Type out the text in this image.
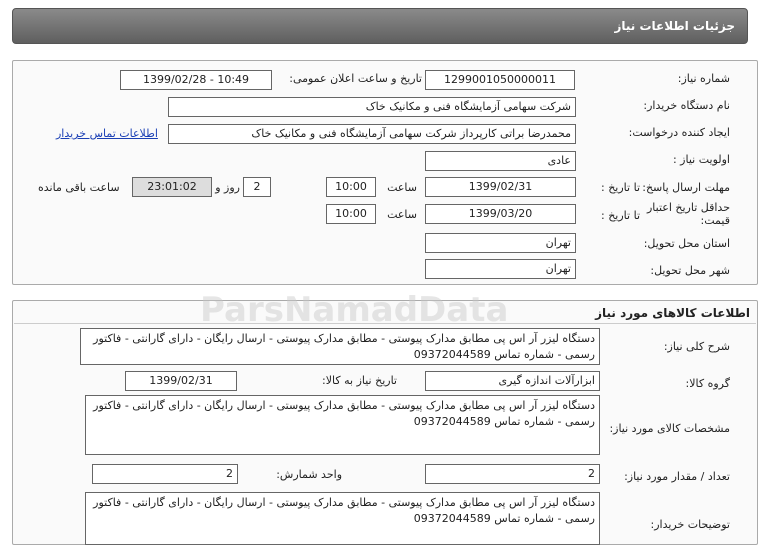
جزئیات اطلاعات نیاز
شماره نیاز:
1299001050000011
تاریخ و ساعت اعلان عمومی:
1399/02/28 - 10:49
نام دستگاه خریدار:
شرکت سهامی آزمایشگاه فنی و مکانیک خاک
ایجاد کننده درخواست:
محمدرضا براتی کارپرداز شرکت سهامی آزمایشگاه فنی و مکانیک خاک
اطلاعات تماس خریدار
اولویت نیاز :
عادی
مهلت ارسال پاسخ:
تا تاریخ :
1399/02/31
ساعت
10:00
2
روز و
23:01:02
ساعت باقی مانده
حداقل تاریخ اعتبار قیمت:
تا تاریخ :
1399/03/20
ساعت
10:00
استان محل تحویل:
تهران
شهر محل تحویل:
تهران
اطلاعات کالاهای مورد نیاز
شرح کلی نیاز:
دستگاه لیزر آر اس پی مطابق مدارک پیوستی - مطابق مدارک پیوستی - ارسال رایگان - دارای گارانتی - فاکتور رسمی - شماره تماس 09372044589
گروه کالا:
ابزارآلات اندازه گیری
تاریخ نیاز به کالا:
1399/02/31
مشخصات کالای مورد نیاز:
دستگاه لیزر آر اس پی مطابق مدارک پیوستی - مطابق مدارک پیوستی - ارسال رایگان - دارای گارانتی - فاکتور رسمی - شماره تماس 09372044589
تعداد / مقدار مورد نیاز:
2
واحد شمارش:
2
توضیحات خریدار:
دستگاه لیزر آر اس پی مطابق مدارک پیوستی - مطابق مدارک پیوستی - ارسال رایگان - دارای گارانتی - فاکتور رسمی - شماره تماس 09372044589
ParsNamadData
